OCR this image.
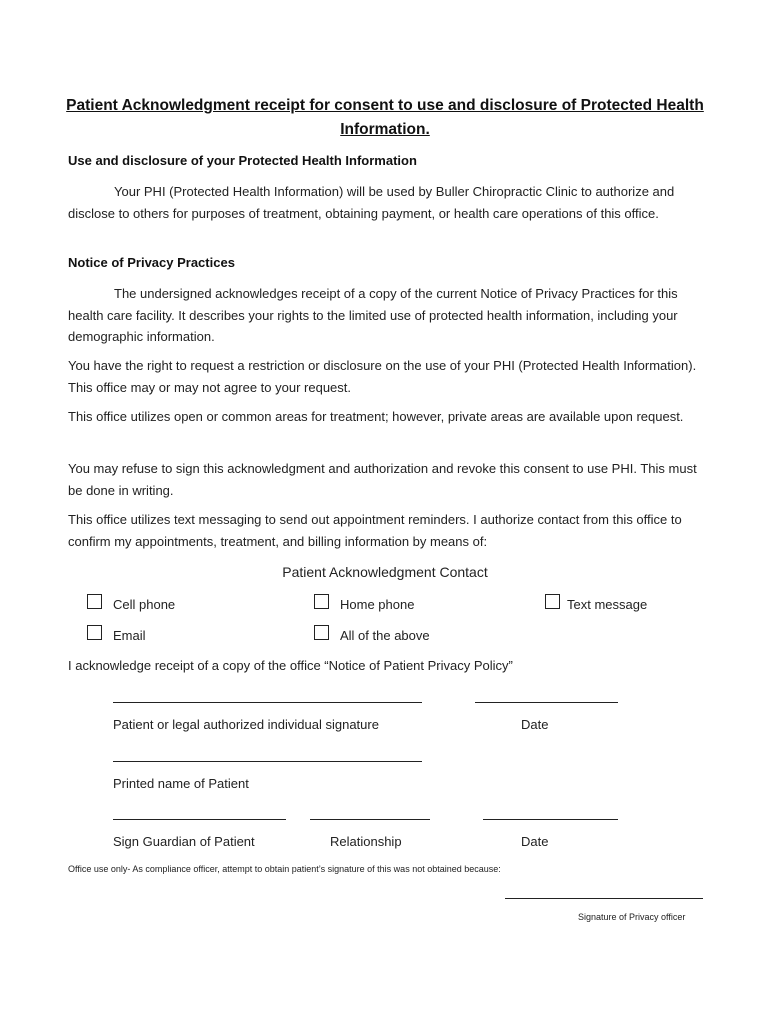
Patient Acknowledgment receipt for consent to use and disclosure of Protected Health
Information.
Use and disclosure of your Protected Health Information
Your PHI (Protected Health Information) will be used by Buller Chiropractic Clinic to authorize and disclose to others for purposes of treatment, obtaining payment, or health care operations of this office.
Notice of Privacy Practices
The undersigned acknowledges receipt of a copy of the current Notice of Privacy Practices for this health care facility. It describes your rights to the limited use of protected health information, including your demographic information.
You have the right to request a restriction or disclosure on the use of your PHI (Protected Health Information). This office may or may not agree to your request.
This office utilizes open or common areas for treatment; however, private areas are available upon request.
You may refuse to sign this acknowledgment and authorization and revoke this consent to use PHI. This must be done in writing.
This office utilizes text messaging to send out appointment reminders. I authorize contact from this office to confirm my appointments, treatment, and billing information by means of:
Patient Acknowledgment Contact
Cell phone	Home phone	Text message
Email	All of the above
I acknowledge receipt of a copy of the office “Notice of Patient Privacy Policy”
Patient or legal authorized individual signature	Date
Printed name of Patient
Sign Guardian of Patient	Relationship	Date
Office use only- As compliance officer, attempt to obtain patient’s signature of this was not obtained because:
Signature of Privacy officer
